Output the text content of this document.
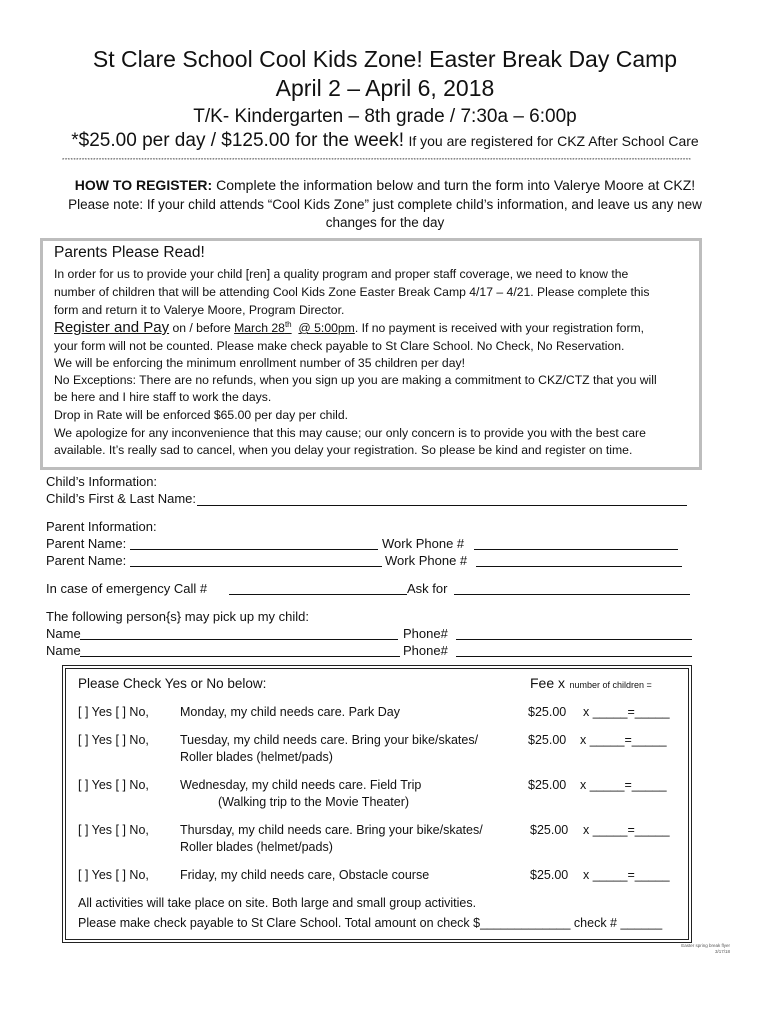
St Clare School Cool Kids Zone! Easter Break Day Camp
April 2 – April 6, 2018
T/K- Kindergarten – 8th grade / 7:30a – 6:00p
*$25.00 per day / $125.00 for the week! If you are registered for CKZ After School Care
******************************************************************************************************************************************************************************************************************************
HOW TO REGISTER: Complete the information below and turn the form into Valerye Moore at CKZ!
Please note: If your child attends “Cool Kids Zone” just complete child’s information, and leave us any new
changes for the day
Parents Please Read!
In order for us to provide your child [ren] a quality program and proper staff coverage, we need to know the
number of children that will be attending Cool Kids Zone Easter Break Camp 4/17 – 4/21. Please complete this
form and return it to Valerye Moore, Program Director.
Register and Pay on / before March 28th @ 5:00pm. If no payment is received with your registration form,
your form will not be counted. Please make check payable to St Clare School. No Check, No Reservation.
We will be enforcing the minimum enrollment number of 35 children per day!
No Exceptions: There are no refunds, when you sign up you are making a commitment to CKZ/CTZ that you will
be here and I hire staff to work the days.
Drop in Rate will be enforced $65.00 per day per child.
We apologize for any inconvenience that this may cause; our only concern is to provide you with the best care
available. It’s really sad to cancel, when you delay your registration. So please be kind and register on time.
Child’s Information:
Child’s First & Last Name:
Parent Information:
Parent Name:	Work Phone #
Parent Name:	Work Phone #
In case of emergency Call #	Ask for
The following person{s} may pick up my child:
Name	Phone#
Name	Phone#
Please Check Yes or No below:	Fee x number of children =
[ ] Yes [ ] No, Monday, my child needs care. Park Day	$25.00 x _____=_____
[ ] Yes [ ] No, Tuesday, my child needs care. Bring your bike/skates/
Roller blades (helmet/pads)
$25.00 x _____=_____
[ ] Yes [ ] No, Wednesday, my child needs care. Field Trip
(Walking trip to the Movie Theater)
$25.00 x _____=_____
[ ] Yes [ ] No, Thursday, my child needs care. Bring your bike/skates/
Roller blades (helmet/pads)
$25.00 x _____=_____
[ ] Yes [ ] No, Friday, my child needs care, Obstacle course	$25.00 x _____=_____
All activities will take place on site. Both large and small group activities.
Please make check payable to St Clare School. Total amount on check $_____________ check # ______
Easter spring break flyer
3/17/18
